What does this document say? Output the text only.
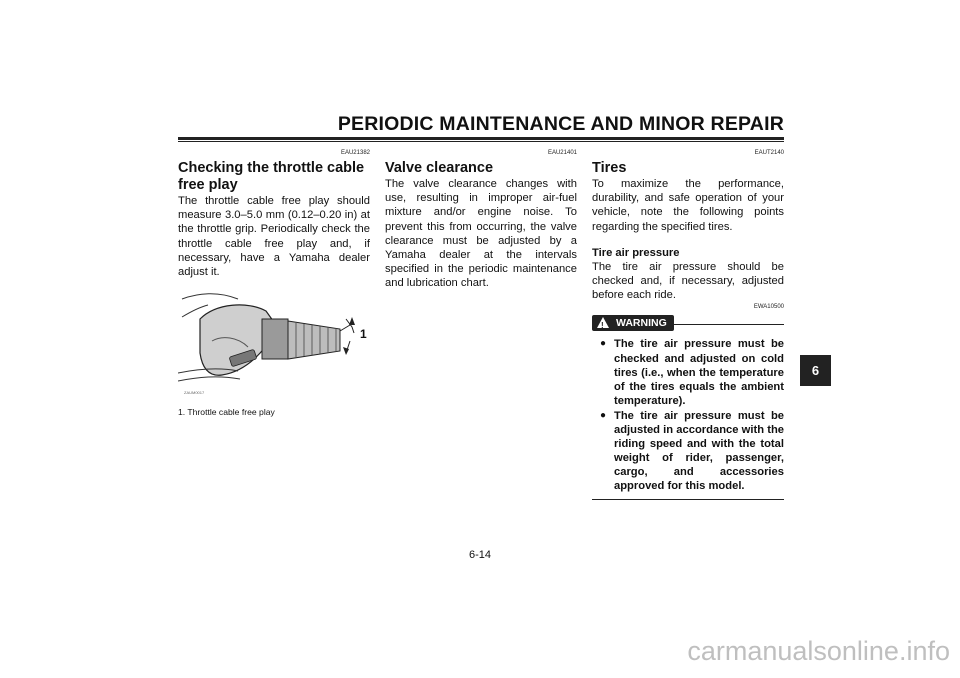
PERIODIC MAINTENANCE AND MINOR REPAIR
EAU21382
Checking the throttle cable free play

The throttle cable free play should measure 3.0–5.0 mm (0.12–0.20 in) at the throttle grip. Periodically check the throttle cable free play and, if necessary, have a Yamaha dealer adjust it.

1
ZAUM0017
1. Throttle cable free play
EAU21401
Valve clearance

The valve clearance changes with use, resulting in improper air-fuel mixture and/or engine noise. To prevent this from occurring, the valve clearance must be adjusted by a Yamaha dealer at the intervals specified in the periodic maintenance and lubrication chart.

EAUT2140
Tires

To maximize the performance, durability, and safe operation of your vehicle, note the following points regarding the specified tires.

Tire air pressure

The tire air pressure should be checked and, if necessary, adjusted before each ride.

EWA10500
! WARNING
● The tire air pressure must be checked and adjusted on cold tires (i.e., when the temperature of the tires equals the ambient temperature).
● The tire air pressure must be adjusted in accordance with the riding speed and with the total weight of rider, passenger, cargo, and accessories approved for this model.
6
6-14
carmanualsonline.info
